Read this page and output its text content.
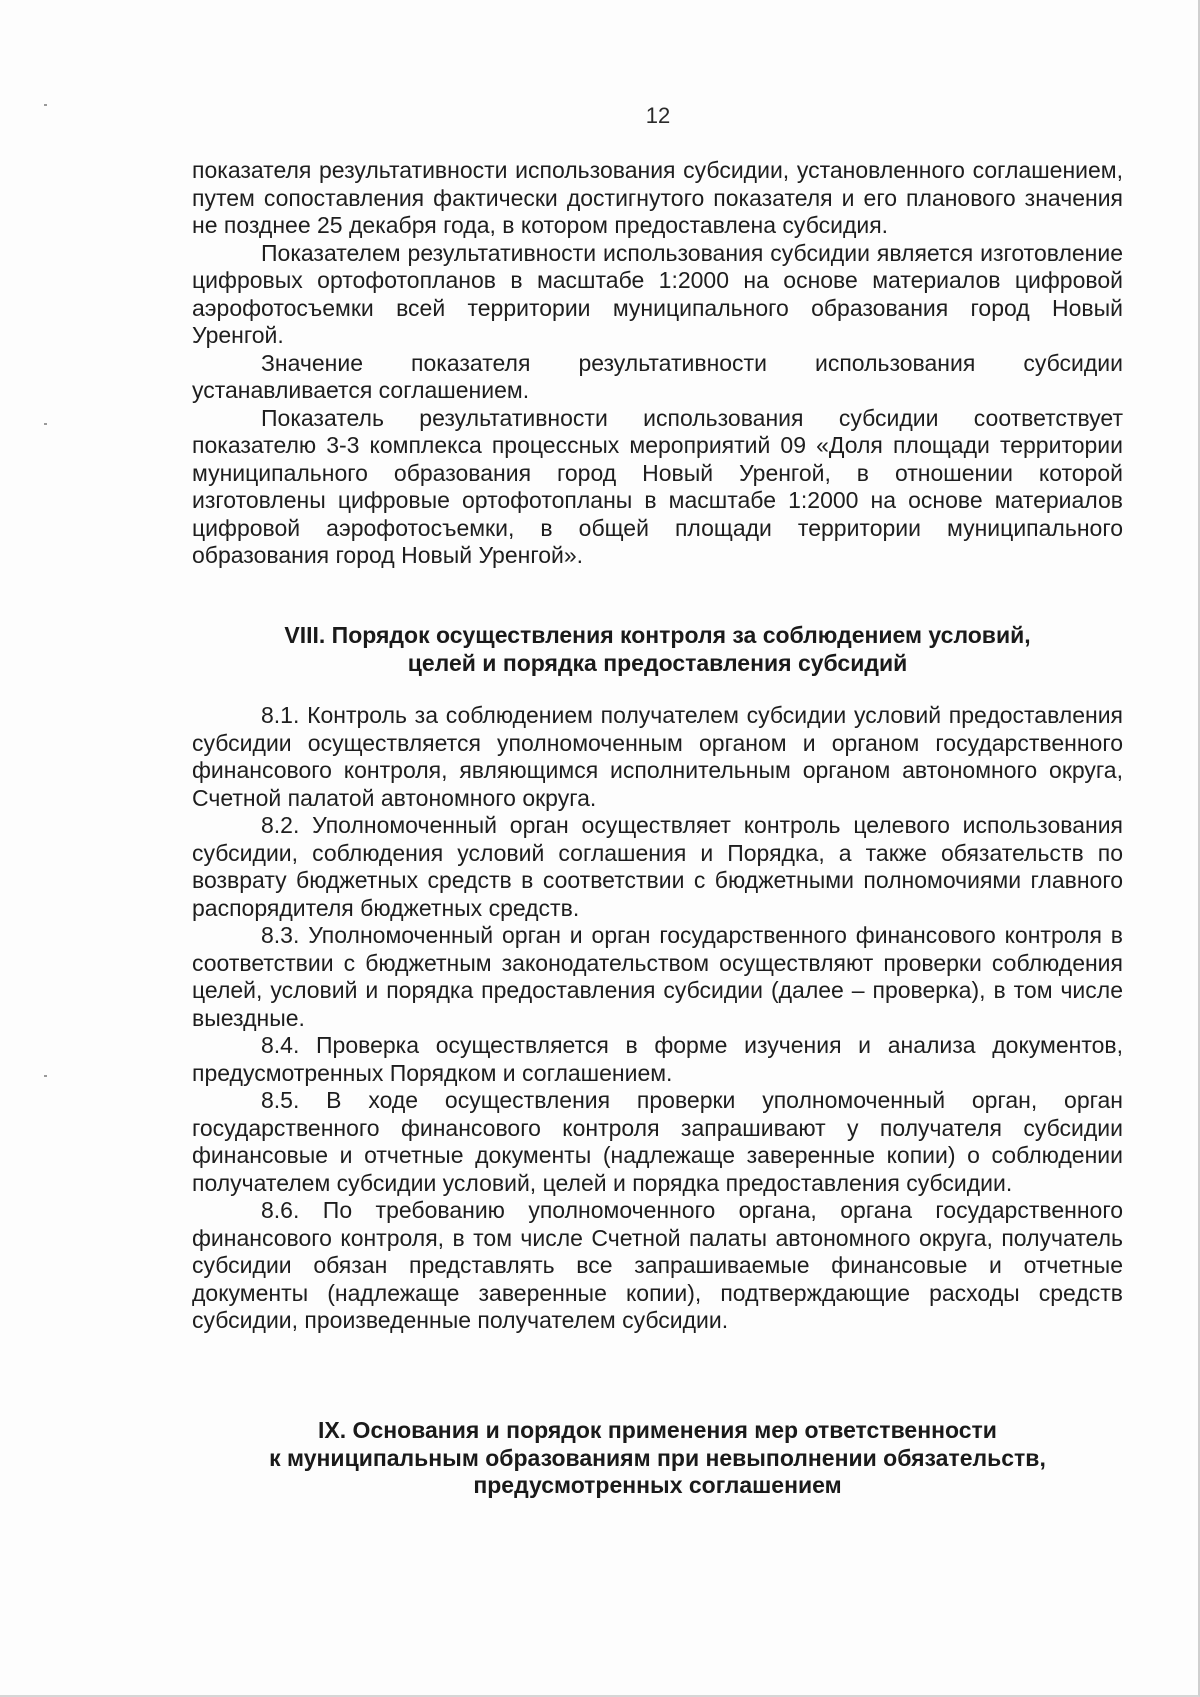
12

показателя результативности использования субсидии, установленного соглашением, путем сопоставления фактически достигнутого показателя и его планового значения не позднее 25 декабря года, в котором предоставлена субсидия.

Показателем результативности использования субсидии является изготовление цифровых ортофотопланов в масштабе 1:2000 на основе материалов цифровой аэрофотосъемки всей территории муниципального образования город Новый Уренгой.

Значение показателя результативности использования субсидии устанавливается соглашением.

Показатель результативности использования субсидии соответствует показателю 3-3 комплекса процессных мероприятий 09 «Доля площади территории муниципального образования город Новый Уренгой, в отношении которой изготовлены цифровые ортофотопланы в масштабе 1:2000 на основе материалов цифровой аэрофотосъемки, в общей площади территории муниципального образования город Новый Уренгой».

VIII. Порядок осуществления контроля за соблюдением условий,
целей и порядка предоставления субсидий

8.1. Контроль за соблюдением получателем субсидии условий предоставления субсидии осуществляется уполномоченным органом и органом государственного финансового контроля, являющимся исполнительным органом автономного округа, Счетной палатой автономного округа.

8.2. Уполномоченный орган осуществляет контроль целевого использования субсидии, соблюдения условий соглашения и Порядка, а также обязательств по возврату бюджетных средств в соответствии с бюджетными полномочиями главного распорядителя бюджетных средств.

8.3. Уполномоченный орган и орган государственного финансового контроля в соответствии с бюджетным законодательством осуществляют проверки соблюдения целей, условий и порядка предоставления субсидии (далее – проверка), в том числе выездные.

8.4. Проверка осуществляется в форме изучения и анализа документов, предусмотренных Порядком и соглашением.

8.5. В ходе осуществления проверки уполномоченный орган, орган государственного финансового контроля запрашивают у получателя субсидии финансовые и отчетные документы (надлежаще заверенные копии) о соблюдении получателем субсидии условий, целей и порядка предоставления субсидии.

8.6. По требованию уполномоченного органа, органа государственного финансового контроля, в том числе Счетной палаты автономного округа, получатель субсидии обязан представлять все запрашиваемые финансовые и отчетные документы (надлежаще заверенные копии), подтверждающие расходы средств субсидии, произведенные получателем субсидии.

IX. Основания и порядок применения мер ответственности
к муниципальным образованиям при невыполнении обязательств,
предусмотренных соглашением
